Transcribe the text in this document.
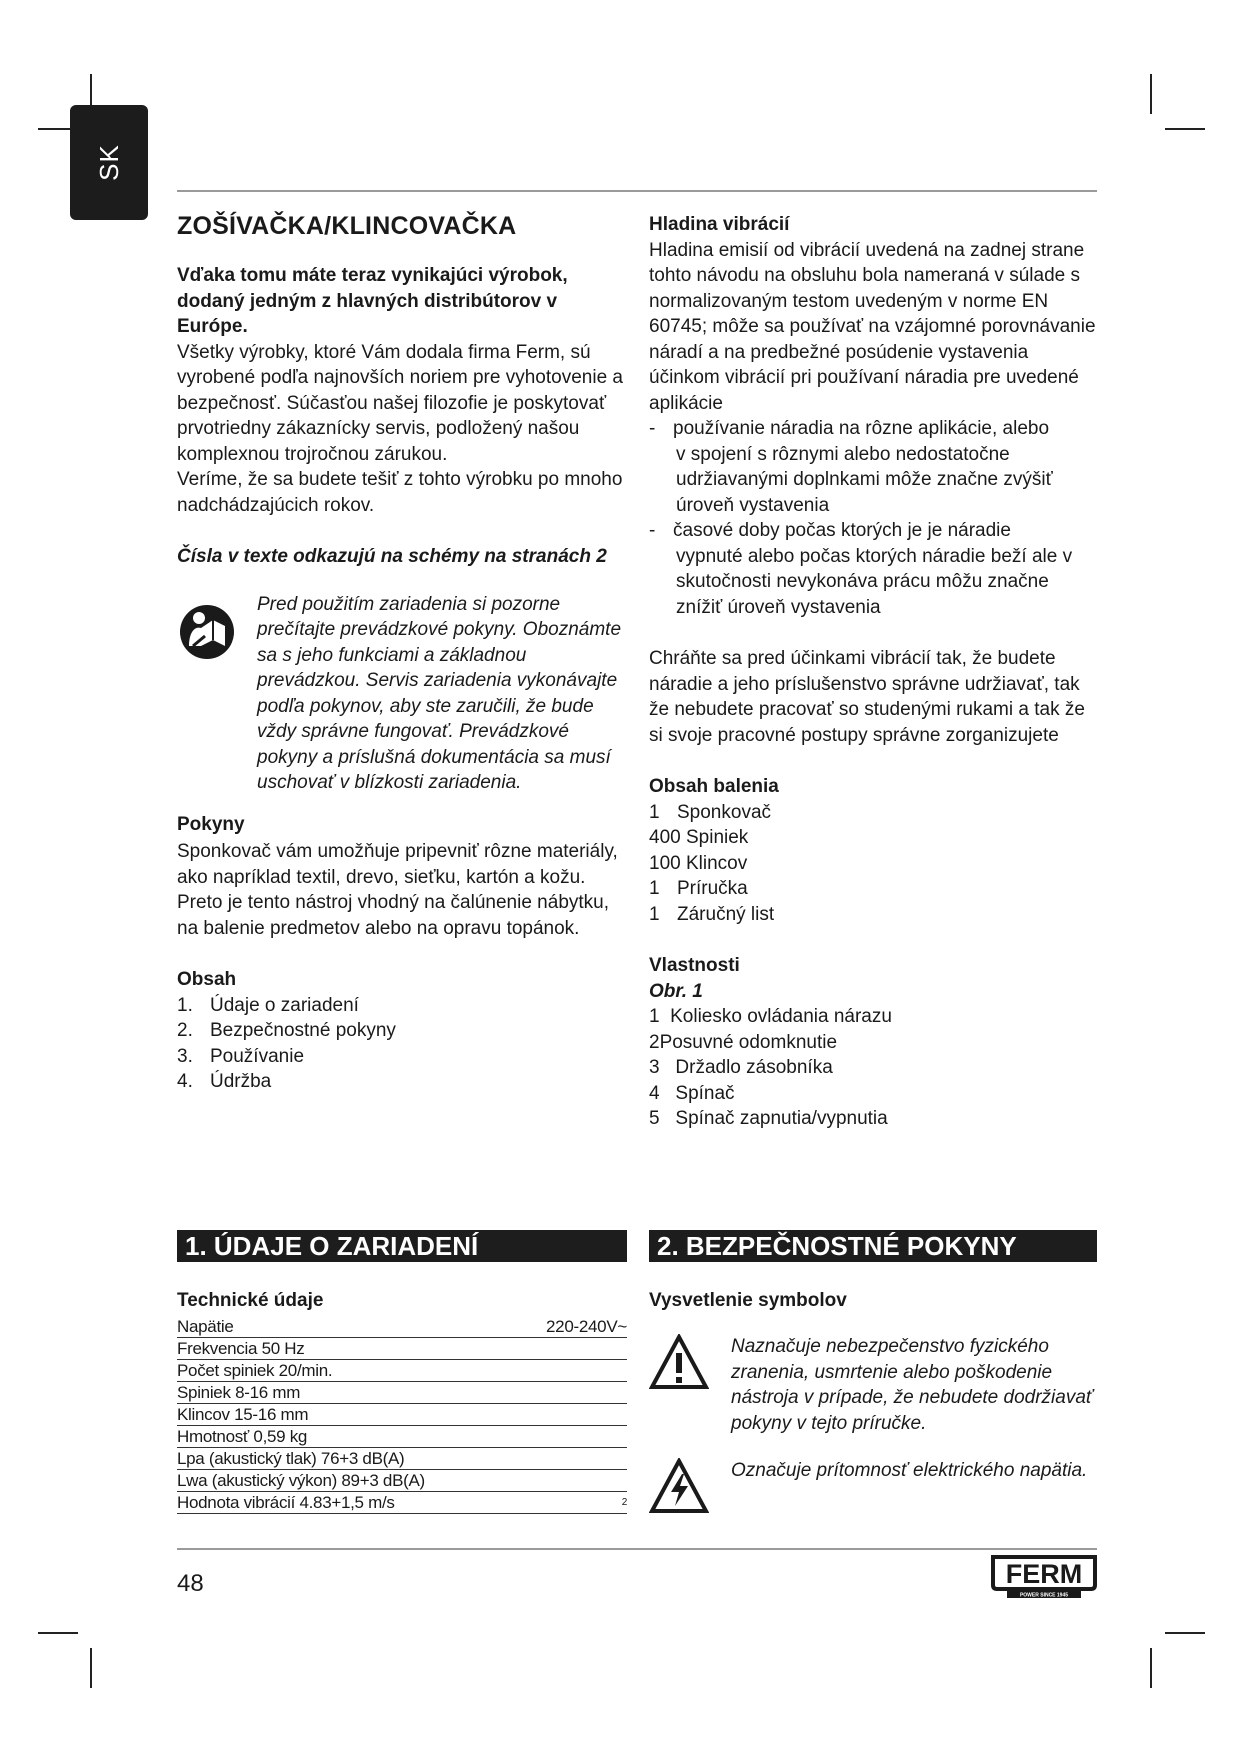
SK

ZOŠÍVAČKA/KLINCOVAČKA

Vďaka tomu máte teraz vynikajúci výrobok, dodaný jedným z hlavných distribútorov v Európe.

Všetky výrobky, ktoré Vám dodala firma Ferm, sú vyrobené podľa najnovších noriem pre vyhotovenie a bezpečnosť. Súčasťou našej filozofie je poskytovať prvotriedny zákaznícky servis, podložený našou komplexnou trojročnou zárukou.

Veríme, že sa budete tešiť z tohto výrobku po mnoho nadchádzajúcich rokov.

Čísla v texte odkazujú na schémy na stranách 2

Pred použitím zariadenia si pozorne prečítajte prevádzkové pokyny. Oboznámte sa s jeho funkciami a základnou prevádzkou. Servis zariadenia vykonávajte podľa pokynov, aby ste zaručili, že bude vždy správne fungovať. Prevádzkové pokyny a príslušná dokumentácia sa musí uschovať v blízkosti zariadenia.

Pokyny

Sponkovač vám umožňuje pripevniť rôzne materiály, ako napríklad textil, drevo, sieťku, kartón a kožu. Preto je tento nástroj vhodný na čalúnenie nábytku, na balenie predmetov alebo na opravu topánok.

Obsah

1. Údaje o zariadení
2. Bezpečnostné pokyny
3. Používanie
4. Údržba

Hladina vibrácií

Hladina emisií od vibrácií uvedená na zadnej strane tohto návodu na obsluhu bola nameraná v súlade s normalizovaným testom uvedeným v norme EN 60745; môže sa používať na vzájomné porovnávanie náradí a na predbežné posúdenie vystavenia účinkom vibrácií pri používaní náradia pre uvedené aplikácie

- používanie náradia na rôzne aplikácie, alebo
v spojení s rôznymi alebo nedostatočne udržiavanými doplnkami môže značne zvýšiť úroveň vystavenia
- časové doby počas ktorých je je náradie
vypnuté alebo počas ktorých náradie beží ale v skutočnosti nevykonáva prácu môžu značne znížiť úroveň vystavenia

Chráňte sa pred účinkami vibrácií tak, že budete náradie a jeho príslušenstvo správne udržiavať, tak že nebudete pracovať so studenými rukami a tak že si svoje pracovné postupy správne zorganizujete

Obsah balenia

1 Sponkovač
400 Spiniek
100 Klincov
1 Príručka
1 Záručný list

Vlastnosti

Obr. 1

1  Koliesko ovládania nárazu

2Posuvné odomknutie

3   Držadlo zásobníka

4   Spínač

5   Spínač zapnutia/vypnutia

1. ÚDAJE O ZARIADENÍ	2. BEZPEČNOSTNÉ POKYNY

Technické údaje

Napätie	220-240V~
Frekvencia 50 Hz
Počet spiniek 20/min.
Spiniek 8-16 mm
Klincov 15-16 mm
Hmotnosť 0,59 kg
Lpa (akustický tlak) 76+3 dB(A)
Lwa (akustický výkon) 89+3 dB(A)
Hodnota vibrácií 4.83+1,5 m/s	2

Vysvetlenie symbolov

Naznačuje nebezpečenstvo fyzického zranenia, usmrtenie alebo poškodenie nástroja v prípade, že nebudete dodržiavať pokyny v tejto príručke.

Označuje prítomnosť elektrického napätia.

48	FERM
POWER SINCE 1945
